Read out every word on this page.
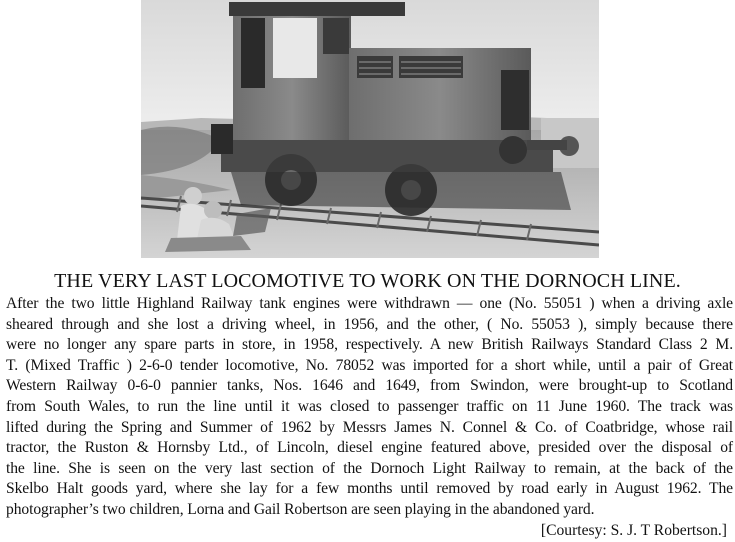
THE VERY LAST LOCOMOTIVE TO WORK ON THE DORNOCH LINE.
After the two little Highland Railway tank engines were withdrawn — one (No. 55051 ) when a driving axle
sheared through and she lost a driving wheel, in 1956, and the other, ( No. 55053 ), simply because there
were no longer any spare parts in store, in 1958, respectively. A new British Railways Standard Class 2 M.
T. (Mixed Traffic ) 2-6-0 tender locomotive, No. 78052 was imported for a short while, until a pair of Great
Western Railway 0-6-0 pannier tanks, Nos. 1646 and 1649, from Swindon, were brought-up to Scotland
from South Wales, to run the line until it was closed to passenger traffic on 11 June 1960. The track was
lifted during the Spring and Summer of 1962 by Messrs James N. Connel & Co. of Coatbridge, whose rail
tractor, the Ruston & Hornsby Ltd., of Lincoln, diesel engine featured above, presided over the disposal of
the line. She is seen on the very last section of the Dornoch Light Railway to remain, at the back of the
Skelbo Halt goods yard, where she lay for a few months until removed by road early in August 1962. The
photographer’s two children, Lorna and Gail Robertson are seen playing in the abandoned yard.
[Courtesy: S. J. T Robertson.]
